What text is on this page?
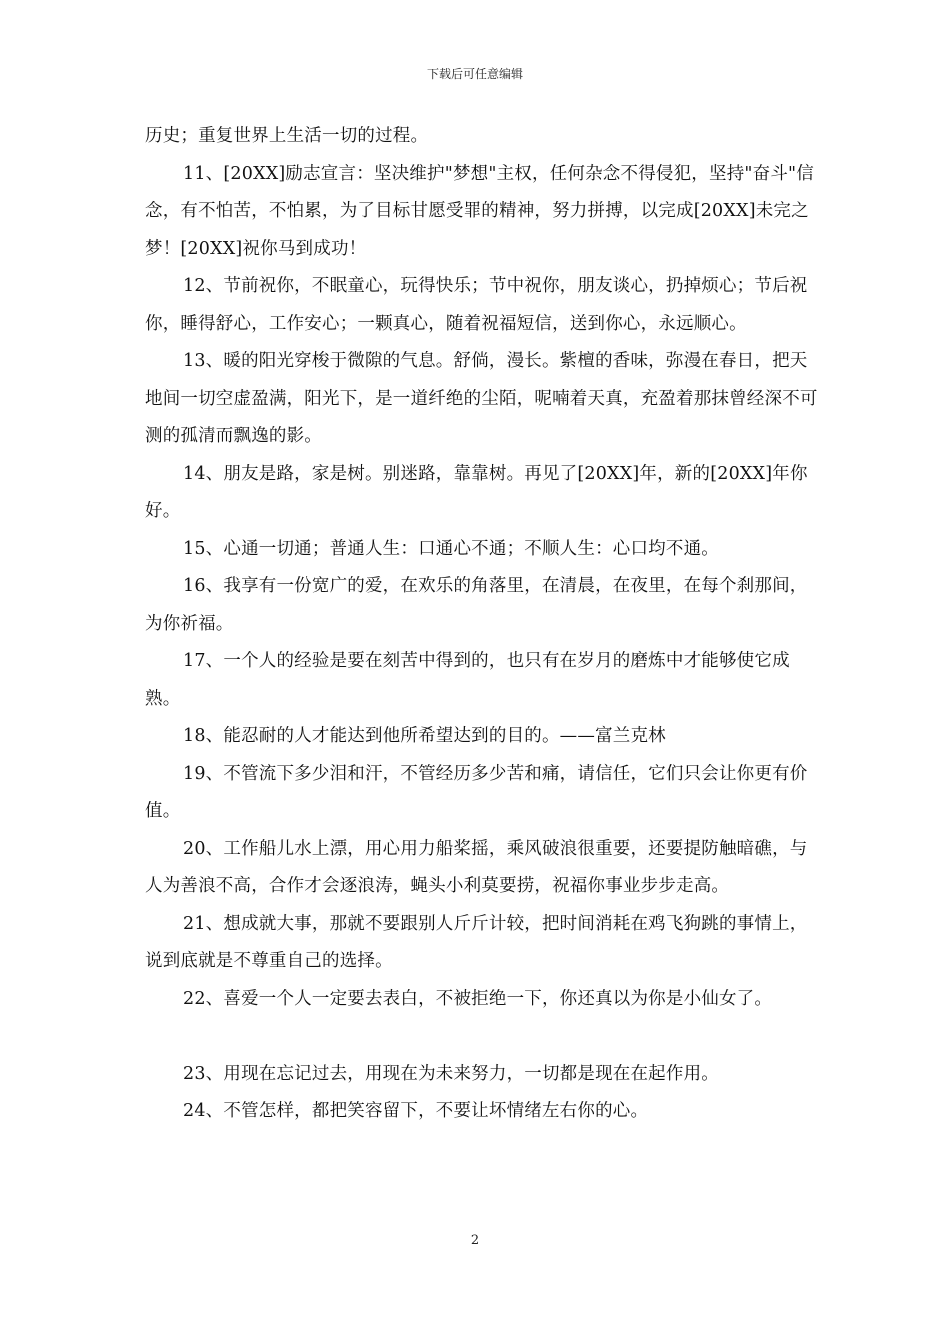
下载后可任意编辑

历史；重复世界上生活一切的过程。

11、[20XX]励志宣言：坚决维护"梦想"主权，任何杂念不得侵犯，坚持"奋斗"信念，有不怕苦，不怕累，为了目标甘愿受罪的精神，努力拼搏，以完成[20XX]未完之梦！[20XX]祝你马到成功！

12、节前祝你，不眠童心，玩得快乐；节中祝你，朋友谈心，扔掉烦心；节后祝你，睡得舒心，工作安心；一颗真心，随着祝福短信，送到你心，永远顺心。

13、暖的阳光穿梭于微隙的气息。舒倘，漫长。紫檀的香味，弥漫在春日，把天地间一切空虚盈满，阳光下，是一道纤绝的尘陌，呢喃着天真，充盈着那抹曾经深不可测的孤清而飘逸的影。

14、朋友是路，家是树。别迷路，靠靠树。再见了[20XX]年，新的[20XX]年你好。

15、心通一切通；普通人生：口通心不通；不顺人生：心口均不通。

16、我享有一份宽广的爱，在欢乐的角落里，在清晨，在夜里，在每个刹那间，为你祈福。

17、一个人的经验是要在刻苦中得到的，也只有在岁月的磨炼中才能够使它成熟。

18、能忍耐的人才能达到他所希望达到的目的。——富兰克林

19、不管流下多少泪和汗，不管经历多少苦和痛，请信任，它们只会让你更有价值。

20、工作船儿水上漂，用心用力船桨摇，乘风破浪很重要，还要提防触暗礁，与人为善浪不高，合作才会逐浪涛，蝇头小利莫要捞，祝福你事业步步走高。

21、想成就大事，那就不要跟别人斤斤计较，把时间消耗在鸡飞狗跳的事情上，说到底就是不尊重自己的选择。

22、喜爱一个人一定要去表白，不被拒绝一下，你还真以为你是小仙女了。

23、用现在忘记过去，用现在为未来努力，一切都是现在在起作用。

24、不管怎样，都把笑容留下，不要让坏情绪左右你的心。

2
